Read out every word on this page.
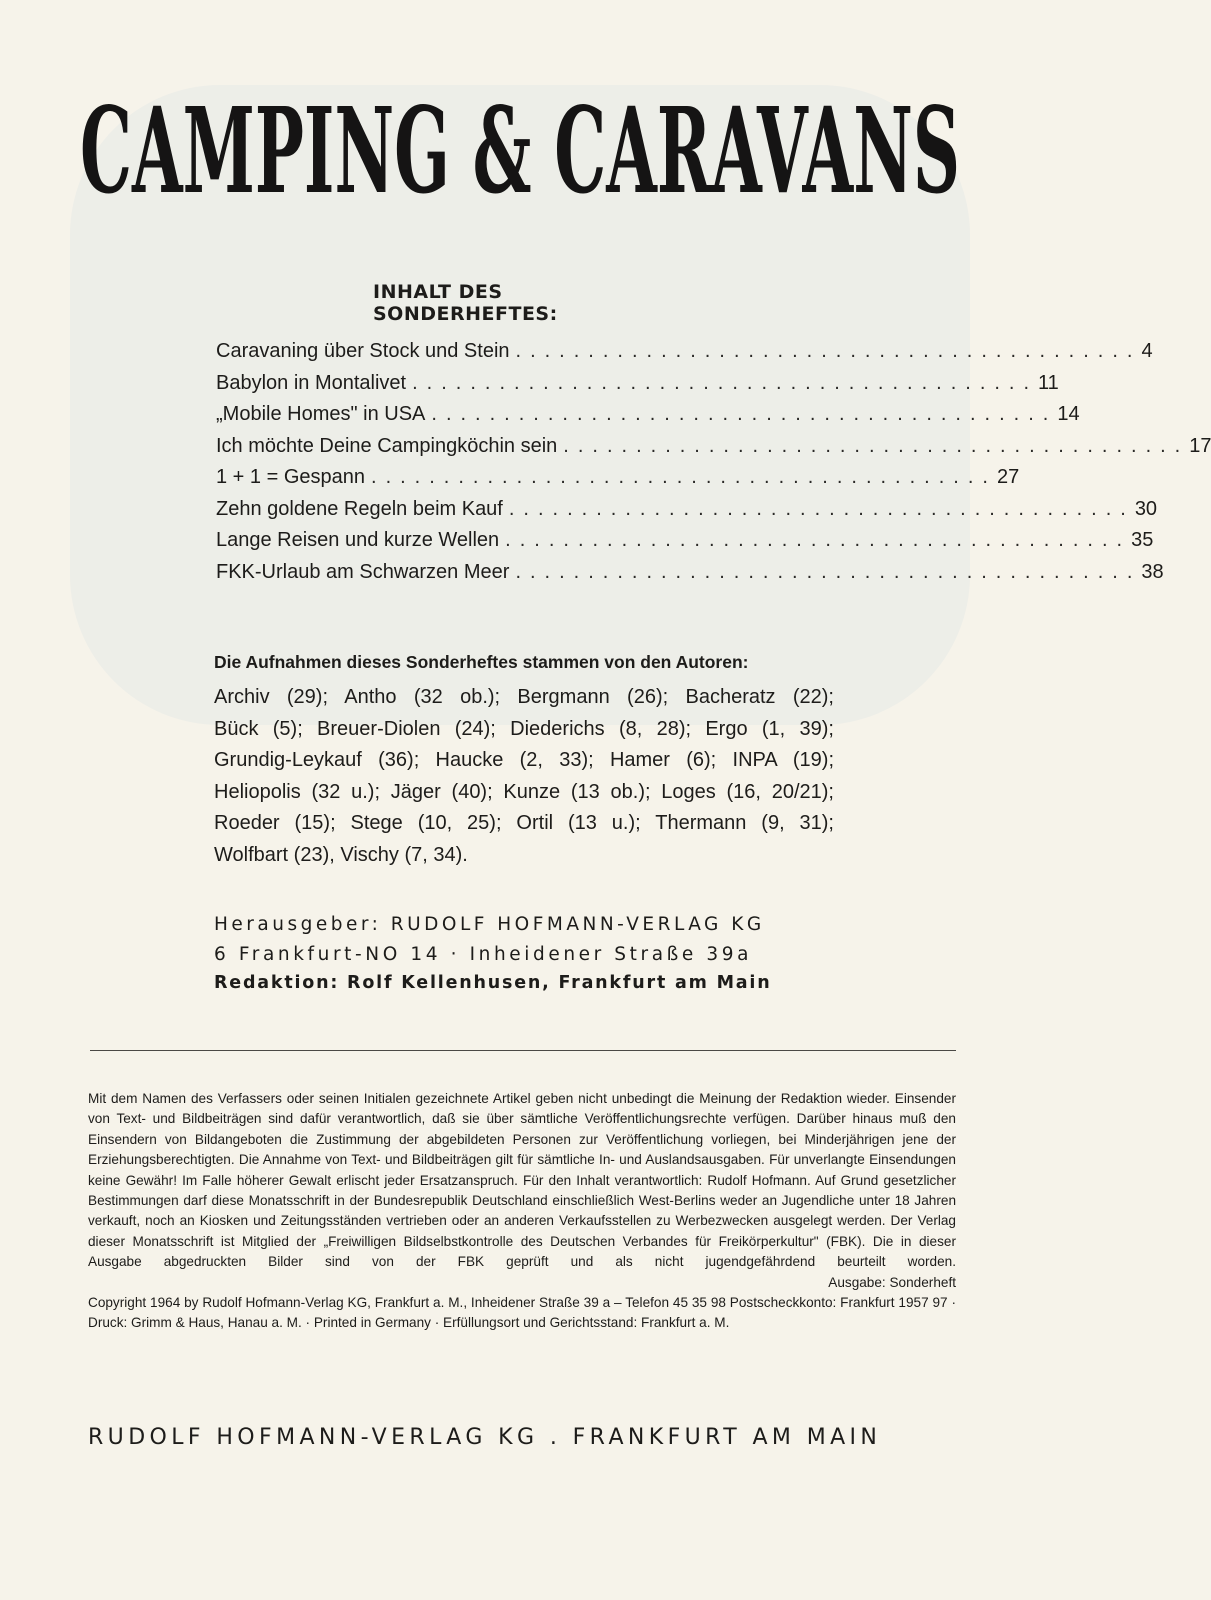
CAMPING & CARAVANS
INHALT DES SONDERHEFTES:
Caravaning über Stock und Stein ........................................... 4
Babylon in Montalivet ........................................... 11
„Mobile Homes" in USA ........................................... 14
Ich möchte Deine Campingköchin sein ........................................... 17
1 + 1 = Gespann ........................................... 27
Zehn goldene Regeln beim Kauf ........................................... 30
Lange Reisen und kurze Wellen ........................................... 35
FKK-Urlaub am Schwarzen Meer ........................................... 38
Die Aufnahmen dieses Sonderheftes stammen von den Autoren:
Archiv (29); Antho (32 ob.); Bergmann (26); Bacheratz (22);
Bück (5); Breuer-Diolen (24); Diederichs (8, 28); Ergo (1, 39);
Grundig-Leykauf (36); Haucke (2, 33); Hamer (6); INPA (19);
Heliopolis (32 u.); Jäger (40); Kunze (13 ob.); Loges (16, 20/21);
Roeder (15); Stege (10, 25); Ortil (13 u.); Thermann (9, 31);
Wolfbart (23), Vischy (7, 34).
Herausgeber: RUDOLF HOFMANN-VERLAG KG
6 Frankfurt-NO 14 · Inheidener Straße 39a
Redaktion: Rolf Kellenhusen, Frankfurt am Main

Mit dem Namen des Verfassers oder seinen Initialen gezeichnete Artikel geben nicht unbedingt die Meinung der Redaktion wieder. Einsender von Text- und Bildbeiträgen sind dafür verantwortlich, daß sie über sämtliche Veröffentlichungsrechte verfügen. Darüber hinaus muß den Einsendern von Bildangeboten die Zustimmung der abgebildeten Personen zur Veröffentlichung vorliegen, bei Minderjährigen jene der Erziehungsberechtigten. Die Annahme von Text- und Bildbeiträgen gilt für sämtliche In- und Auslandsausgaben. Für unverlangte Einsendungen keine Gewähr! Im Falle höherer Gewalt erlischt jeder Ersatzanspruch. Für den Inhalt verantwortlich: Rudolf Hofmann. Auf Grund gesetzlicher Bestimmungen darf diese Monatsschrift in der Bundesrepublik Deutschland einschließlich West-Berlins weder an Jugendliche unter 18 Jahren verkauft, noch an Kiosken und Zeitungsständen vertrieben oder an anderen Verkaufsstellen zu Werbezwecken ausgelegt werden. Der Verlag dieser Monatsschrift ist Mitglied der „Freiwilligen Bildselbstkontrolle des Deutschen Verbandes für Freikörperkultur" (FBK). Die in dieser Ausgabe abgedruckten Bilder sind von der FBK geprüft und als nicht jugendgefährdend beurteilt worden.

Ausgabe: Sonderheft

Copyright 1964 by Rudolf Hofmann-Verlag KG, Frankfurt a. M., Inheidener Straße 39 a – Telefon 45 35 98 Postscheckkonto: Frankfurt 1957 97 · Druck: Grimm & Haus, Hanau a. M. · Printed in Germany · Erfüllungsort und Gerichtsstand: Frankfurt a. M.

RUDOLF HOFMANN-VERLAG KG . FRANKFURT AM MAIN
